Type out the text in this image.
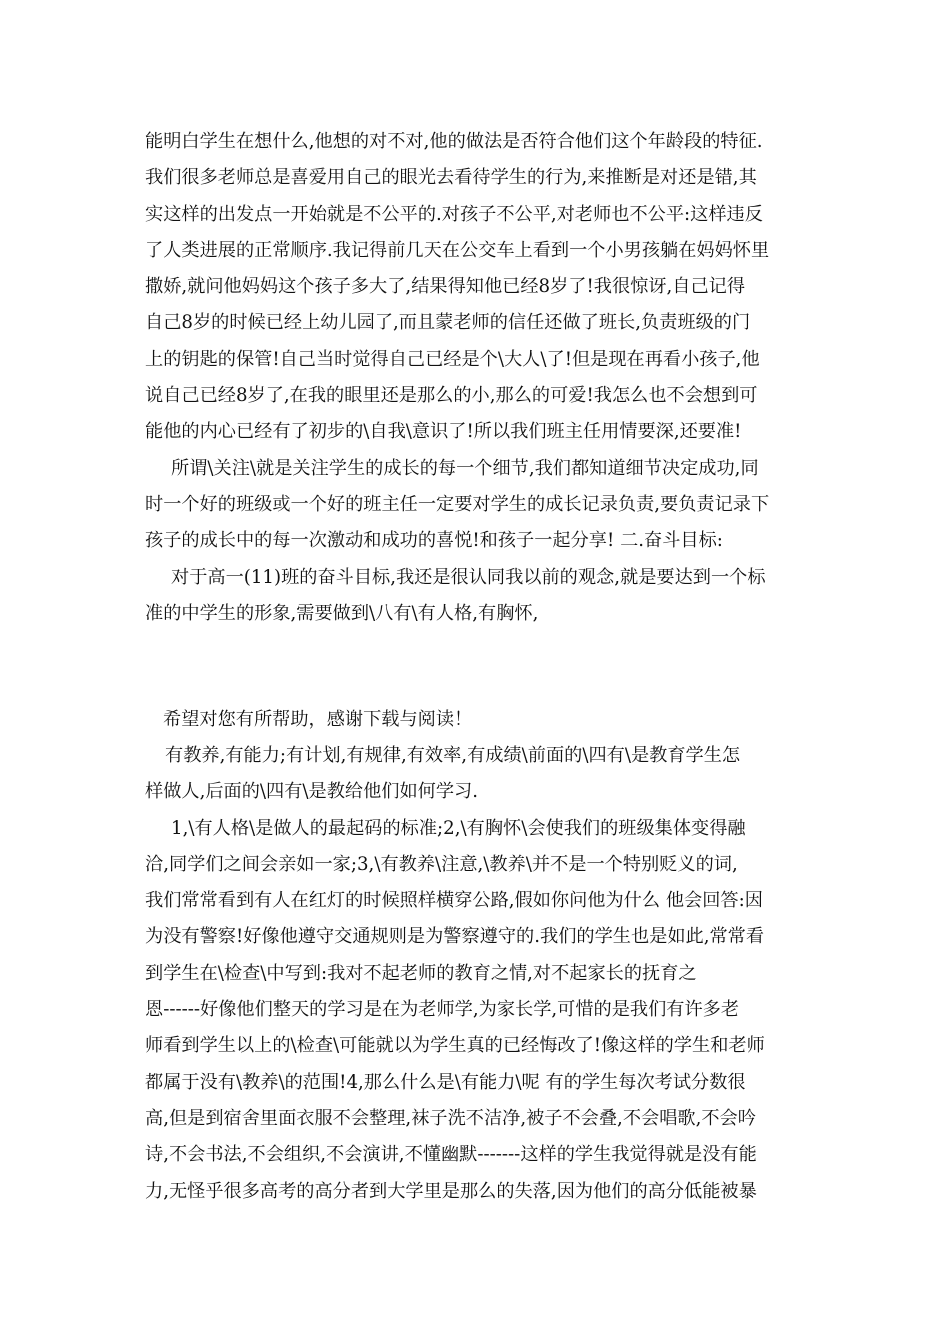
能明白学生在想什么,他想的对不对,他的做法是否符合他们这个年龄段的特征.
我们很多老师总是喜爱用自己的眼光去看待学生的行为,来推断是对还是错,其
实这样的出发点一开始就是不公平的.对孩子不公平,对老师也不公平:这样违反
了人类进展的正常顺序.我记得前几天在公交车上看到一个小男孩躺在妈妈怀里
撒娇,就问他妈妈这个孩子多大了,结果得知他已经8岁了!我很惊讶,自己记得
自己8岁的时候已经上幼儿园了,而且蒙老师的信任还做了班长,负责班级的门
上的钥匙的保管!自己当时觉得自己已经是个\大人\了!但是现在再看小孩子,他
说自己已经8岁了,在我的眼里还是那么的小,那么的可爱!我怎么也不会想到可
能他的内心已经有了初步的\自我\意识了!所以我们班主任用情要深,还要准!
所谓\关注\就是关注学生的成长的每一个细节,我们都知道细节决定成功,同
时一个好的班级或一个好的班主任一定要对学生的成长记录负责,要负责记录下
孩子的成长中的每一次激动和成功的喜悦!和孩子一起分享! 二.奋斗目标:
对于高一(11)班的奋斗目标,我还是很认同我以前的观念,就是要达到一个标
准的中学生的形象,需要做到\八有\有人格,有胸怀,
希望对您有所帮助，感谢下载与阅读！
有教养,有能力;有计划,有规律,有效率,有成绩\前面的\四有\是教育学生怎
样做人,后面的\四有\是教给他们如何学习.
1,\有人格\是做人的最起码的标准;2,\有胸怀\会使我们的班级集体变得融
洽,同学们之间会亲如一家;3,\有教养\注意,\教养\并不是一个特别贬义的词,
我们常常看到有人在红灯的时候照样横穿公路,假如你问他为什么 他会回答:因
为没有警察!好像他遵守交通规则是为警察遵守的.我们的学生也是如此,常常看
到学生在\检查\中写到:我对不起老师的教育之情,对不起家长的抚育之
恩------好像他们整天的学习是在为老师学,为家长学,可惜的是我们有许多老
师看到学生以上的\检查\可能就以为学生真的已经悔改了!像这样的学生和老师
都属于没有\教养\的范围!4,那么什么是\有能力\呢 有的学生每次考试分数很
高,但是到宿舍里面衣服不会整理,袜子洗不洁净,被子不会叠,不会唱歌,不会吟
诗,不会书法,不会组织,不会演讲,不懂幽默-------这样的学生我觉得就是没有能
力,无怪乎很多高考的高分者到大学里是那么的失落,因为他们的高分低能被暴
